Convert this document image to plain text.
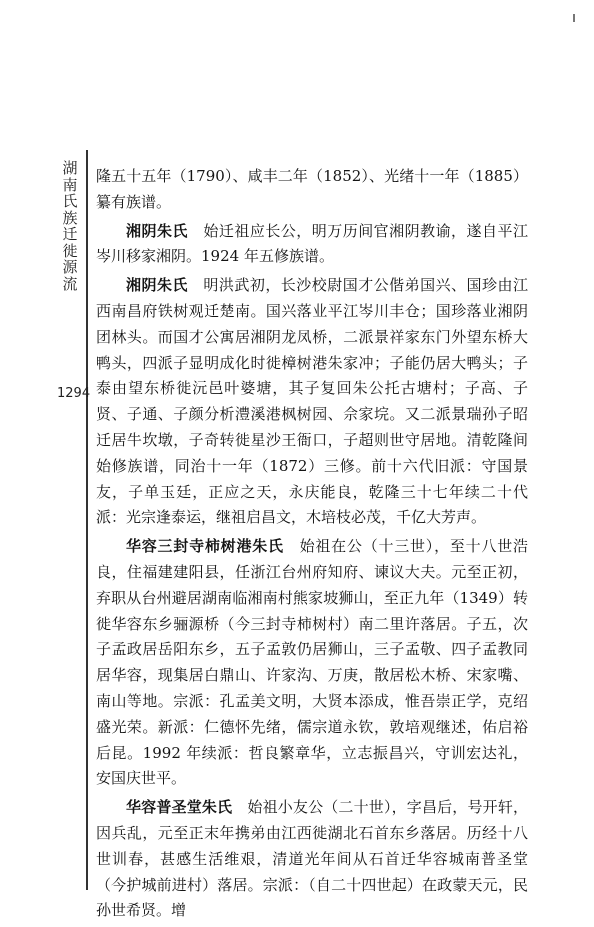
湖南氏族迁徙源流
1294

隆五十五年（1790）、咸丰二年（1852）、光绪十一年（1885）纂有族谱。

湘阴朱氏　始迁祖应长公，明万历间官湘阴教谕，遂自平江岑川移家湘阴。1924 年五修族谱。

湘阴朱氏　明洪武初，长沙校尉国才公偕弟国兴、国珍由江西南昌府铁树观迁楚南。国兴落业平江岑川丰仓；国珍落业湘阴团林头。而国才公寓居湘阴龙凤桥，二派景祥家东门外望东桥大鸭头，四派子显明成化时徙樟树港朱家冲；子能仍居大鸭头；子泰由望东桥徙沅邑叶婆塘，其子复回朱公托古塘村；子高、子贤、子通、子颜分析澧溪港枫树园、佘家垸。又二派景瑞孙子昭迁居牛坎墩，子奇转徙星沙王衙口，子超则世守居地。清乾隆间始修族谱，同治十一年（1872）三修。前十六代旧派：守国景友，子单玉廷，正应之天，永庆能良，乾隆三十七年续二十代派：光宗逢泰运，继祖启昌文，木培枝必茂，千亿大芳声。

华容三封寺柿树港朱氏　始祖在公（十三世），至十八世浩良，住福建建阳县，任浙江台州府知府、谏议大夫。元至正初，弃职从台州避居湖南临湘南村熊家坡狮山，至正九年（1349）转徙华容东乡骊源桥（今三封寺柿树村）南二里许落居。子五，次子孟政居岳阳东乡，五子孟敦仍居狮山，三子孟敬、四子孟教同居华容，现集居白鼎山、许家沟、万庚，散居松木桥、宋家嘴、南山等地。宗派：孔孟美文明，大贤本添成，惟吾崇正学，克绍盛光荣。新派：仁德怀先绪，儒宗道永钦，敦培观继述，佑启裕后昆。1992 年续派：哲良繁章华，立志振昌兴，守训宏达礼，安国庆世平。

华容普圣堂朱氏　始祖小友公（二十世），字昌后，号开轩，因兵乱，元至正末年携弟由江西徙湖北石首东乡落居。历经十八世训春，甚感生活维艰，清道光年间从石首迁华容城南普圣堂（今护城前进村）落居。宗派：（自二十四世起）在政蒙天元，民孙世希贤。增
